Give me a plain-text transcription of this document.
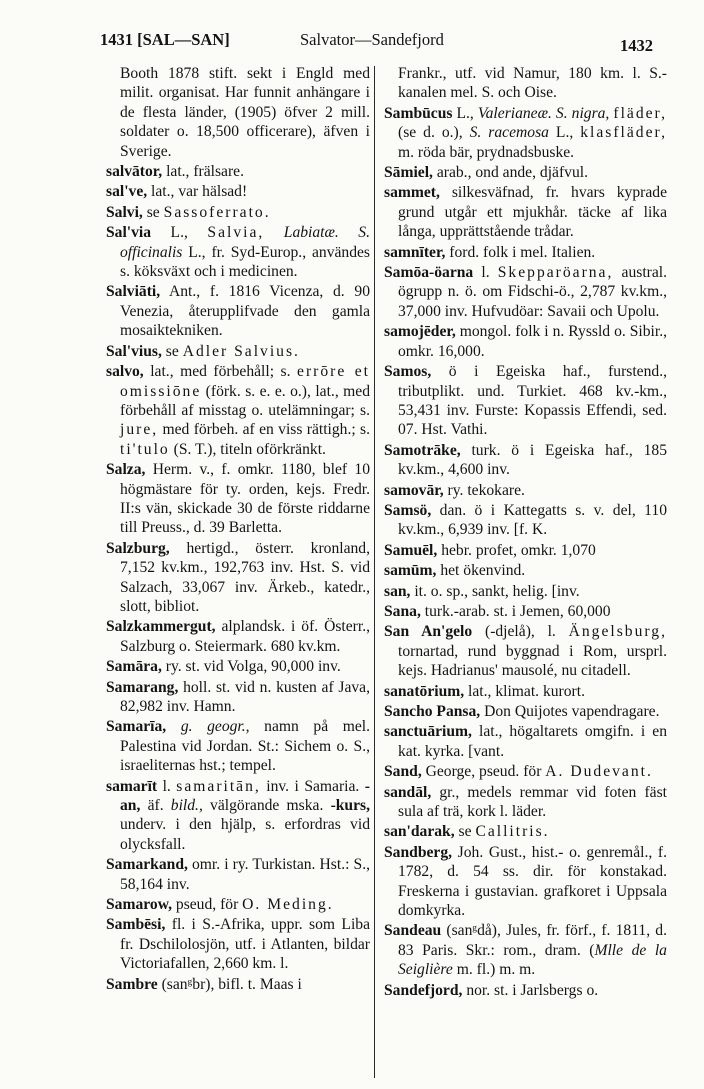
1431 [SAL—SAN]	Salvator—Sandefjord	1432

Booth 1878 stift. sekt i Engld med milit. organisat. Har funnit anhängare i de flesta länder, (1905) öfver 2 mill. soldater o. 18,500 officerare), äfven i Sverige.

salvātor, lat., frälsare.

sal've, lat., var hälsad!

Salvi, se Sassoferrato.

Sal'via L., Salvia, Labiatæ. S. officinalis L., fr. Syd-Europ., användes s. köksväxt och i medicinen.

Salviāti, Ant., f. 1816 Vicenza, d. 90 Venezia, återupplifvade den gamla mosaiktekniken.

Sal'vius, se Adler Salvius.

salvo, lat., med förbehåll; s. errōre et omissiōne (förk. s. e. e. o.), lat., med förbehåll af misstag o. utelämningar; s. jure, med förbeh. af en viss rättigh.; s. ti'tulo (S. T.), titeln oförkränkt.

Salza, Herm. v., f. omkr. 1180, blef 10 högmästare för ty. orden, kejs. Fredr. II:s vän, skickade 30 de förste riddarne till Preuss., d. 39 Barletta.

Salzburg, hertigd., österr. kronland, 7,152 kv.km., 192,763 inv. Hst. S. vid Salzach, 33,067 inv. Ärkeb., katedr., slott, bibliot.

Salzkammergut, alplandsk. i öf. Österr., Salzburg o. Steiermark. 680 kv.km.

Samāra, ry. st. vid Volga, 90,000 inv.

Samarang, holl. st. vid n. kusten af Java, 82,982 inv. Hamn.

Samarīa, g. geogr., namn på mel. Palestina vid Jordan. St.: Sichem o. S., israeliternas hst.; tempel.

samarīt l. samaritān, inv. i Samaria. -an, äf. bild., välgörande mska. -kurs, underv. i den hjälp, s. erfordras vid olycksfall.

Samarkand, omr. i ry. Turkistan. Hst.: S., 58,164 inv.

Samarow, pseud, för O. Meding.

Sambēsi, fl. i S.-Afrika, uppr. som Liba fr. Dschilolosjön, utf. i Atlanten, bildar Victoriafallen, 2,660 km. l.

Sambre (sanᵍbr), bifl. t. Maas i

Frankr., utf. vid Namur, 180 km. l. S.-kanalen mel. S. och Oise.

Sambūcus L., Valerianeæ. S. nigra, fläder, (se d. o.), S. racemosa L., klasfläder, m. röda bär, prydnadsbuske.

Sāmiel, arab., ond ande, djäfvul.

sammet, silkesväfnad, fr. hvars kyprade grund utgår ett mjukhår. täcke af lika långa, upprättstående trådar.

samnīter, ford. folk i mel. Italien.

Samōa-öarna l. Skepparöarna, austral. ögrupp n. ö. om Fidschi-ö., 2,787 kv.km., 37,000 inv. Hufvudöar: Savaii och Upolu.

samojēder, mongol. folk i n. Ryssld o. Sibir., omkr. 16,000.

Samos, ö i Egeiska haf., furstend., tributplikt. und. Turkiet. 468 kv.-km., 53,431 inv. Furste: Kopassis Effendi, sed. 07. Hst. Vathi.

Samotrāke, turk. ö i Egeiska haf., 185 kv.km., 4,600 inv.

samovār, ry. tekokare.

Samsö, dan. ö i Kattegatts s. v. del, 110 kv.km., 6,939 inv. [f. K.

Samuēl, hebr. profet, omkr. 1,070

samūm, het ökenvind.

san, it. o. sp., sankt, helig. [inv.

Sana, turk.-arab. st. i Jemen, 60,000

San An'gelo (-djelå), l. Ängelsburg, tornartad, rund byggnad i Rom, ursprl. kejs. Hadrianus' mausolé, nu citadell.

sanatōrium, lat., klimat. kurort.

Sancho Pansa, Don Quijotes vapendragare.

sanctuārium, lat., högaltarets omgifn. i en kat. kyrka. [vant.

Sand, George, pseud. för A. Dudevant.

sandāl, gr., medels remmar vid foten fäst sula af trä, kork l. läder.

san'darak, se Callitris.

Sandberg, Joh. Gust., hist.- o. genremål., f. 1782, d. 54 ss. dir. för konstakad. Freskerna i gustavian. grafkoret i Uppsala domkyrka.

Sandeau (sanᵍdå), Jules, fr. förf., f. 1811, d. 83 Paris. Skr.: rom., dram. (Mlle de la Seiglière m. fl.) m. m.

Sandefjord, nor. st. i Jarlsbergs o.
